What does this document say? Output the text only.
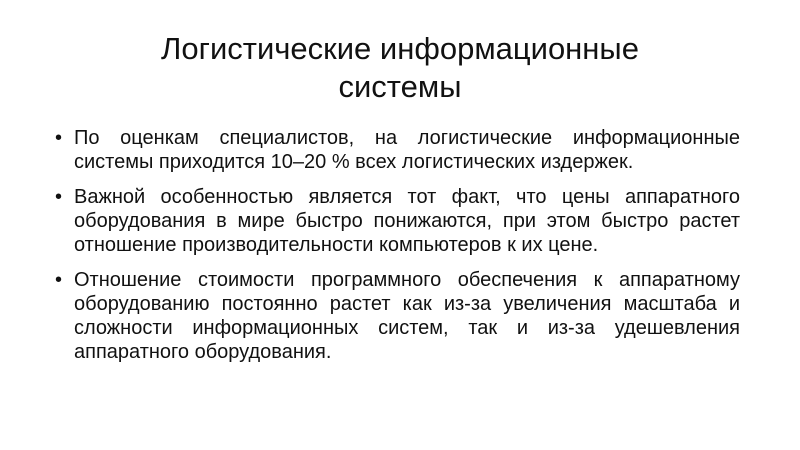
Логистические информационные
системы
• По оценкам специалистов, на логистические информационные системы приходится 10–20 % всех логистических издержек.
• Важной особенностью является тот факт, что цены аппаратного оборудования в мире быстро понижаются, при этом быстро растет отношение производительности компьютеров к их цене.
• Отношение стоимости программного обеспечения к аппаратному оборудованию постоянно растет как из-за увеличения масштаба и сложности информационных систем, так и из-за удешевления аппаратного оборудования.
